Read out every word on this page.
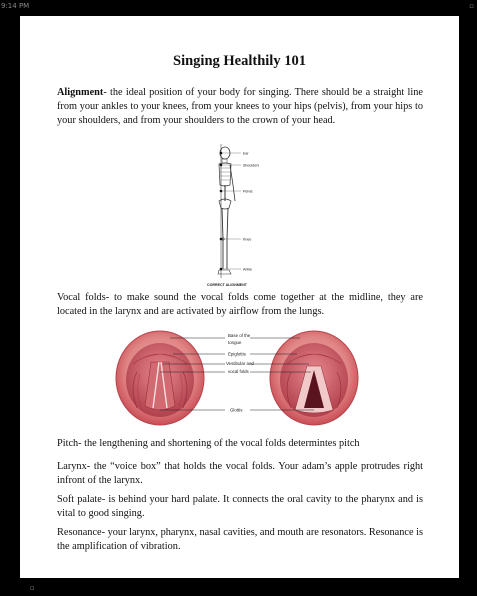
9:14 PM	▫
▫
Singing Healthily 101

Alignment- the ideal position of your body for singing. There should be a straight line from your ankles to your knees, from your knees to your hips (pelvis), from your hips to your shoulders, and from your shoulders to the crown of your head.

Ear
Shoulders
Pelvis
Knee
Ankle
CORRECT ALIGNMENT

Vocal folds- to make sound the vocal folds come together at the midline, they are located in the larynx and are activated by airflow from the lungs.

Base of the
tongue
Epiglottis
Vestibular and
vocal folds
Glottis

Pitch- the lengthening and shortening of the vocal folds determintes pitch

Larynx- the “voice box” that holds the vocal folds. Your adam’s apple protrudes right infront of the larynx.

Soft palate- is behind your hard palate. It connects the oral cavity to the pharynx and is vital to good singing.

Resonance- your larynx, pharynx, nasal cavities, and mouth are resonators. Resonance is the amplification of vibration.
